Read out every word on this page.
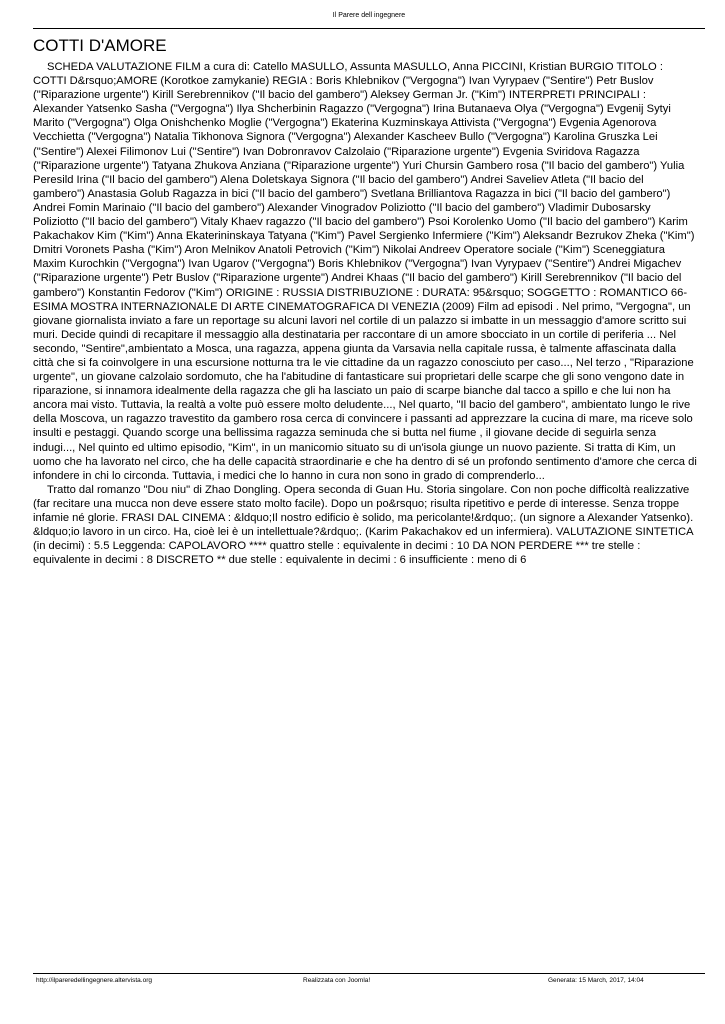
Il Parere dell ingegnere
COTTI D'AMORE

SCHEDA VALUTAZIONE FILM a cura di: Catello MASULLO, Assunta MASULLO, Anna PICCINI, Kristian BURGIO TITOLO : COTTI D&rsquo;AMORE (Korotkoe zamykanie) REGIA : Boris Khlebnikov ("Vergogna") Ivan Vyrypaev ("Sentire") Petr Buslov ("Riparazione urgente") Kirill Serebrennikov ("Il bacio del gambero") Aleksey German Jr. ("Kim") INTERPRETI PRINCIPALI : Alexander Yatsenko Sasha ("Vergogna") Ilya Shcherbinin Ragazzo ("Vergogna") Irina Butanaeva Olya ("Vergogna") Evgenij Sytyi Marito ("Vergogna") Olga Onishchenko Moglie ("Vergogna") Ekaterina Kuzminskaya Attivista ("Vergogna") Evgenia Agenorova Vecchietta ("Vergogna") Natalia Tikhonova Signora ("Vergogna") Alexander Kascheev Bullo ("Vergogna") Karolina Gruszka Lei ("Sentire") Alexei Filimonov Lui ("Sentire") Ivan Dobronravov Calzolaio ("Riparazione urgente") Evgenia Sviridova Ragazza ("Riparazione urgente") Tatyana Zhukova Anziana ("Riparazione urgente") Yuri Chursin Gambero rosa ("Il bacio del gambero") Yulia Peresild Irina ("Il bacio del gambero") Alena Doletskaya Signora ("Il bacio del gambero") Andrei Saveliev Atleta ("Il bacio del gambero") Anastasia Golub Ragazza in bici ("Il bacio del gambero") Svetlana Brilliantova Ragazza in bici ("Il bacio del gambero") Andrei Fomin Marinaio ("Il bacio del gambero") Alexander Vinogradov Poliziotto ("Il bacio del gambero") Vladimir Dubosarsky Poliziotto ("Il bacio del gambero") Vitaly Khaev ragazzo ("Il bacio del gambero") Psoi Korolenko Uomo ("Il bacio del gambero") Karim Pakachakov Kim ("Kim") Anna Ekaterininskaya Tatyana ("Kim") Pavel Sergienko Infermiere ("Kim") Aleksandr Bezrukov Zheka ("Kim") Dmitri Voronets Pasha ("Kim") Aron Melnikov Anatoli Petrovich ("Kim") Nikolai Andreev Operatore sociale ("Kim") Sceneggiatura Maxim Kurochkin ("Vergogna") Ivan Ugarov ("Vergogna") Boris Khlebnikov ("Vergogna") Ivan Vyrypaev ("Sentire") Andrei Migachev ("Riparazione urgente") Petr Buslov ("Riparazione urgente") Andrei Khaas ("Il bacio del gambero") Kirill Serebrennikov ("Il bacio del gambero") Konstantin Fedorov ("Kim") ORIGINE : RUSSIA DISTRIBUZIONE : DURATA: 95&rsquo; SOGGETTO : ROMANTICO 66-ESIMA MOSTRA INTERNAZIONALE DI ARTE CINEMATOGRAFICA DI VENEZIA (2009) Film ad episodi . Nel primo, "Vergogna", un giovane giornalista inviato a fare un reportage su alcuni lavori nel cortile di un palazzo si imbatte in un messaggio d'amore scritto sui muri. Decide quindi di recapitare il messaggio alla destinataria per raccontare di un amore sbocciato in un cortile di periferia ... Nel secondo, "Sentire",ambientato a Mosca, una ragazza, appena giunta da Varsavia nella capitale russa, è talmente affascinata dalla città che si fa coinvolgere in una escursione notturna tra le vie cittadine da un ragazzo conosciuto per caso..., Nel terzo , "Riparazione urgente", un giovane calzolaio sordomuto, che ha l'abitudine di fantasticare sui proprietari delle scarpe che gli sono vengono date in riparazione, si innamora idealmente della ragazza che gli ha lasciato un paio di scarpe bianche dal tacco a spillo e che lui non ha ancora mai visto. Tuttavia, la realtà a volte può essere molto deludente..., Nel quarto, "Il bacio del gambero", ambientato lungo le rive della Moscova, un ragazzo travestito da gambero rosa cerca di convincere i passanti ad apprezzare la cucina di mare, ma riceve solo insulti e pestaggi. Quando scorge una bellissima ragazza seminuda che si butta nel fiume , il giovane decide di seguirla senza indugi..., Nel quinto ed ultimo episodio, "Kim", in un manicomio situato su di un'isola giunge un nuovo paziente. Si tratta di Kim, un uomo che ha lavorato nel circo, che ha delle capacità straordinarie e che ha dentro di sé un profondo sentimento d'amore che cerca di infondere in chi lo circonda. Tuttavia, i medici che lo hanno in cura non sono in grado di comprenderlo...

Tratto dal romanzo "Dou niu" di Zhao Dongling. Opera seconda di Guan Hu. Storia singolare. Con non poche difficoltà realizzative (far recitare una mucca non deve essere stato molto facile). Dopo un po&rsquo; risulta ripetitivo e perde di interesse. Senza troppe infamie né glorie. FRASI DAL CINEMA : &ldquo;Il nostro edificio è solido, ma pericolante!&rdquo;. (un signore a Alexander Yatsenko). &ldquo;io lavoro in un circo. Ha, cioè lei è un intellettuale?&rdquo;. (Karim Pakachakov ed un infermiera). VALUTAZIONE SINTETICA (in decimi) : 5.5 Leggenda: CAPOLAVORO **** quattro stelle : equivalente in decimi : 10 DA NON PERDERE *** tre stelle : equivalente in decimi : 8 DISCRETO ** due stelle : equivalente in decimi : 6 insufficiente : meno di 6

http://ilpareredellingegnere.altervista.org	Realizzata con Joomla!	Generata: 15 March, 2017, 14:04
